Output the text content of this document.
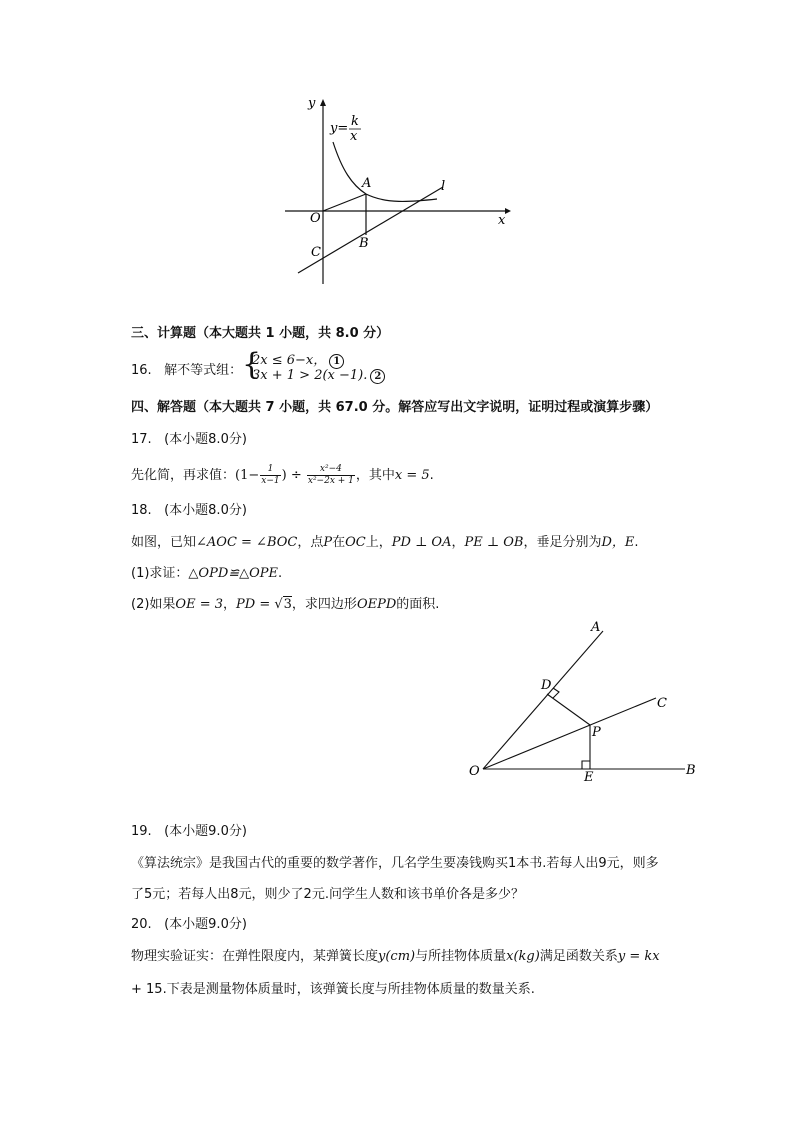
y
x
y= k
x
O
A
B
C
l
三、计算题（本大题共 1 小题，共 8.0 分）
16. 解不等式组： {
2x ≤ 6−x， 1
3x + 1 > 2(x −1). 2
四、解答题（本大题共 7 小题，共 67.0 分。解答应写出文字说明，证明过程或演算步骤）
17. (本小题8.0分)
先化简，再求值：($1- \frac{1}{x-1}$ ) ÷ $\frac{\text{x²−4}}{\text{x²−2x + 1}}$ ，其中x = 5.
18. (本小题8.0分)
如图，已知∠AOC = ∠BOC，点P在OC上，PD ⊥ OA，PE ⊥ OB，垂足分别为D，E.
(1)求证：△OPD≌△OPE.
(2)如果OE = 3，PD = √3，求四边形OEPD的面积.
A
B
C
D
E
O
P
19. (本小题9.0分)
《算法统宗》是我国古代的重要的数学著作，几名学生要凑钱购买1本书.若每人出9元，则多
了5元；若每人出8元，则少了2元.问学生人数和该书单价各是多少？
20. (本小题9.0分)
物理实验证实：在弹性限度内，某弹簧长度y(cm)与所挂物体质量x(kg)满足函数关系y = kx
+ 15.下表是测量物体质量时，该弹簧长度与所挂物体质量的数量关系.
